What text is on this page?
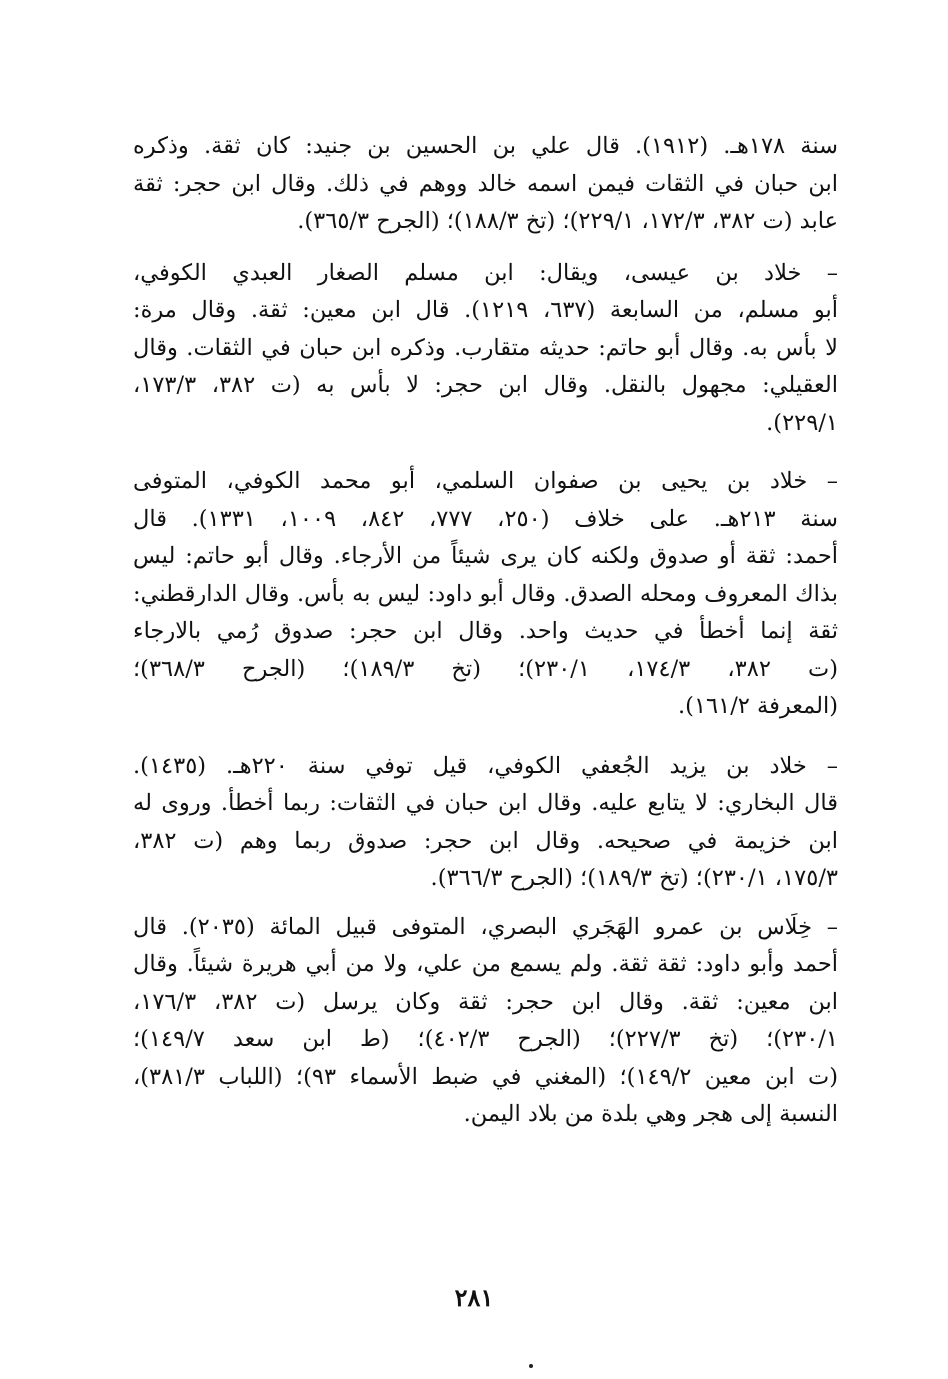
سنة ١٧٨هـ. (١٩١٢). قال علي بن الحسين بن جنيد: كان ثقة. وذكره
ابن حبان في الثقات فيمن اسمه خالد ووهم في ذلك. وقال ابن حجر: ثقة
عابد (ت ٣٨٢، ١٧٢/٣، ٢٢٩/١)؛ (تخ ١٨٨/٣)؛ (الجرح ٣٦٥/٣).
– خلاد بن عيسى، ويقال: ابن مسلم الصغار العبدي الكوفي،
أبو مسلم، من السابعة (٦٣٧، ١٢١٩). قال ابن معين: ثقة. وقال مرة:
لا بأس به. وقال أبو حاتم: حديثه متقارب. وذكره ابن حبان في الثقات. وقال
العقيلي: مجهول بالنقل. وقال ابن حجر: لا بأس به (ت ٣٨٢، ١٧٣/٣،
٢٢٩/١).
– خلاد بن يحيى بن صفوان السلمي، أبو محمد الكوفي، المتوفى
سنة ٢١٣هـ. على خلاف (٢٥٠، ٧٧٧، ٨٤٢، ١٠٠٩، ١٣٣١). قال
أحمد: ثقة أو صدوق ولكنه كان يرى شيئاً من الأرجاء. وقال أبو حاتم: ليس
بذاك المعروف ومحله الصدق. وقال أبو داود: ليس به بأس. وقال الدارقطني:
ثقة إنما أخطأ في حديث واحد. وقال ابن حجر: صدوق رُمي بالارجاء
(ت ٣٨٢، ١٧٤/٣، ٢٣٠/١)؛ (تخ ١٨٩/٣)؛ (الجرح ٣٦٨/٣)؛
(المعرفة ١٦١/٢).
– خلاد بن يزيد الجُعفي الكوفي، قيل توفي سنة ٢٢٠هـ. (١٤٣٥).
قال البخاري: لا يتابع عليه. وقال ابن حبان في الثقات: ربما أخطأ. وروى له
ابن خزيمة في صحيحه. وقال ابن حجر: صدوق ربما وهم (ت ٣٨٢،
١٧٥/٣، ٢٣٠/١)؛ (تخ ١٨٩/٣)؛ (الجرح ٣٦٦/٣).
– خِلَاس بن عمرو الهَجَري البصري، المتوفى قبيل المائة (٢٠٣٥). قال
أحمد وأبو داود: ثقة ثقة. ولم يسمع من علي، ولا من أبي هريرة شيئاً. وقال
ابن معين: ثقة. وقال ابن حجر: ثقة وكان يرسل (ت ٣٨٢، ١٧٦/٣،
٢٣٠/١)؛ (تخ ٢٢٧/٣)؛ (الجرح ٤٠٢/٣)؛ (ط ابن سعد ١٤٩/٧)؛
(ت ابن معين ١٤٩/٢)؛ (المغني في ضبط الأسماء ٩٣)؛ (اللباب ٣٨١/٣)،
النسبة إلى هجر وهي بلدة من بلاد اليمن.
٢٨١
